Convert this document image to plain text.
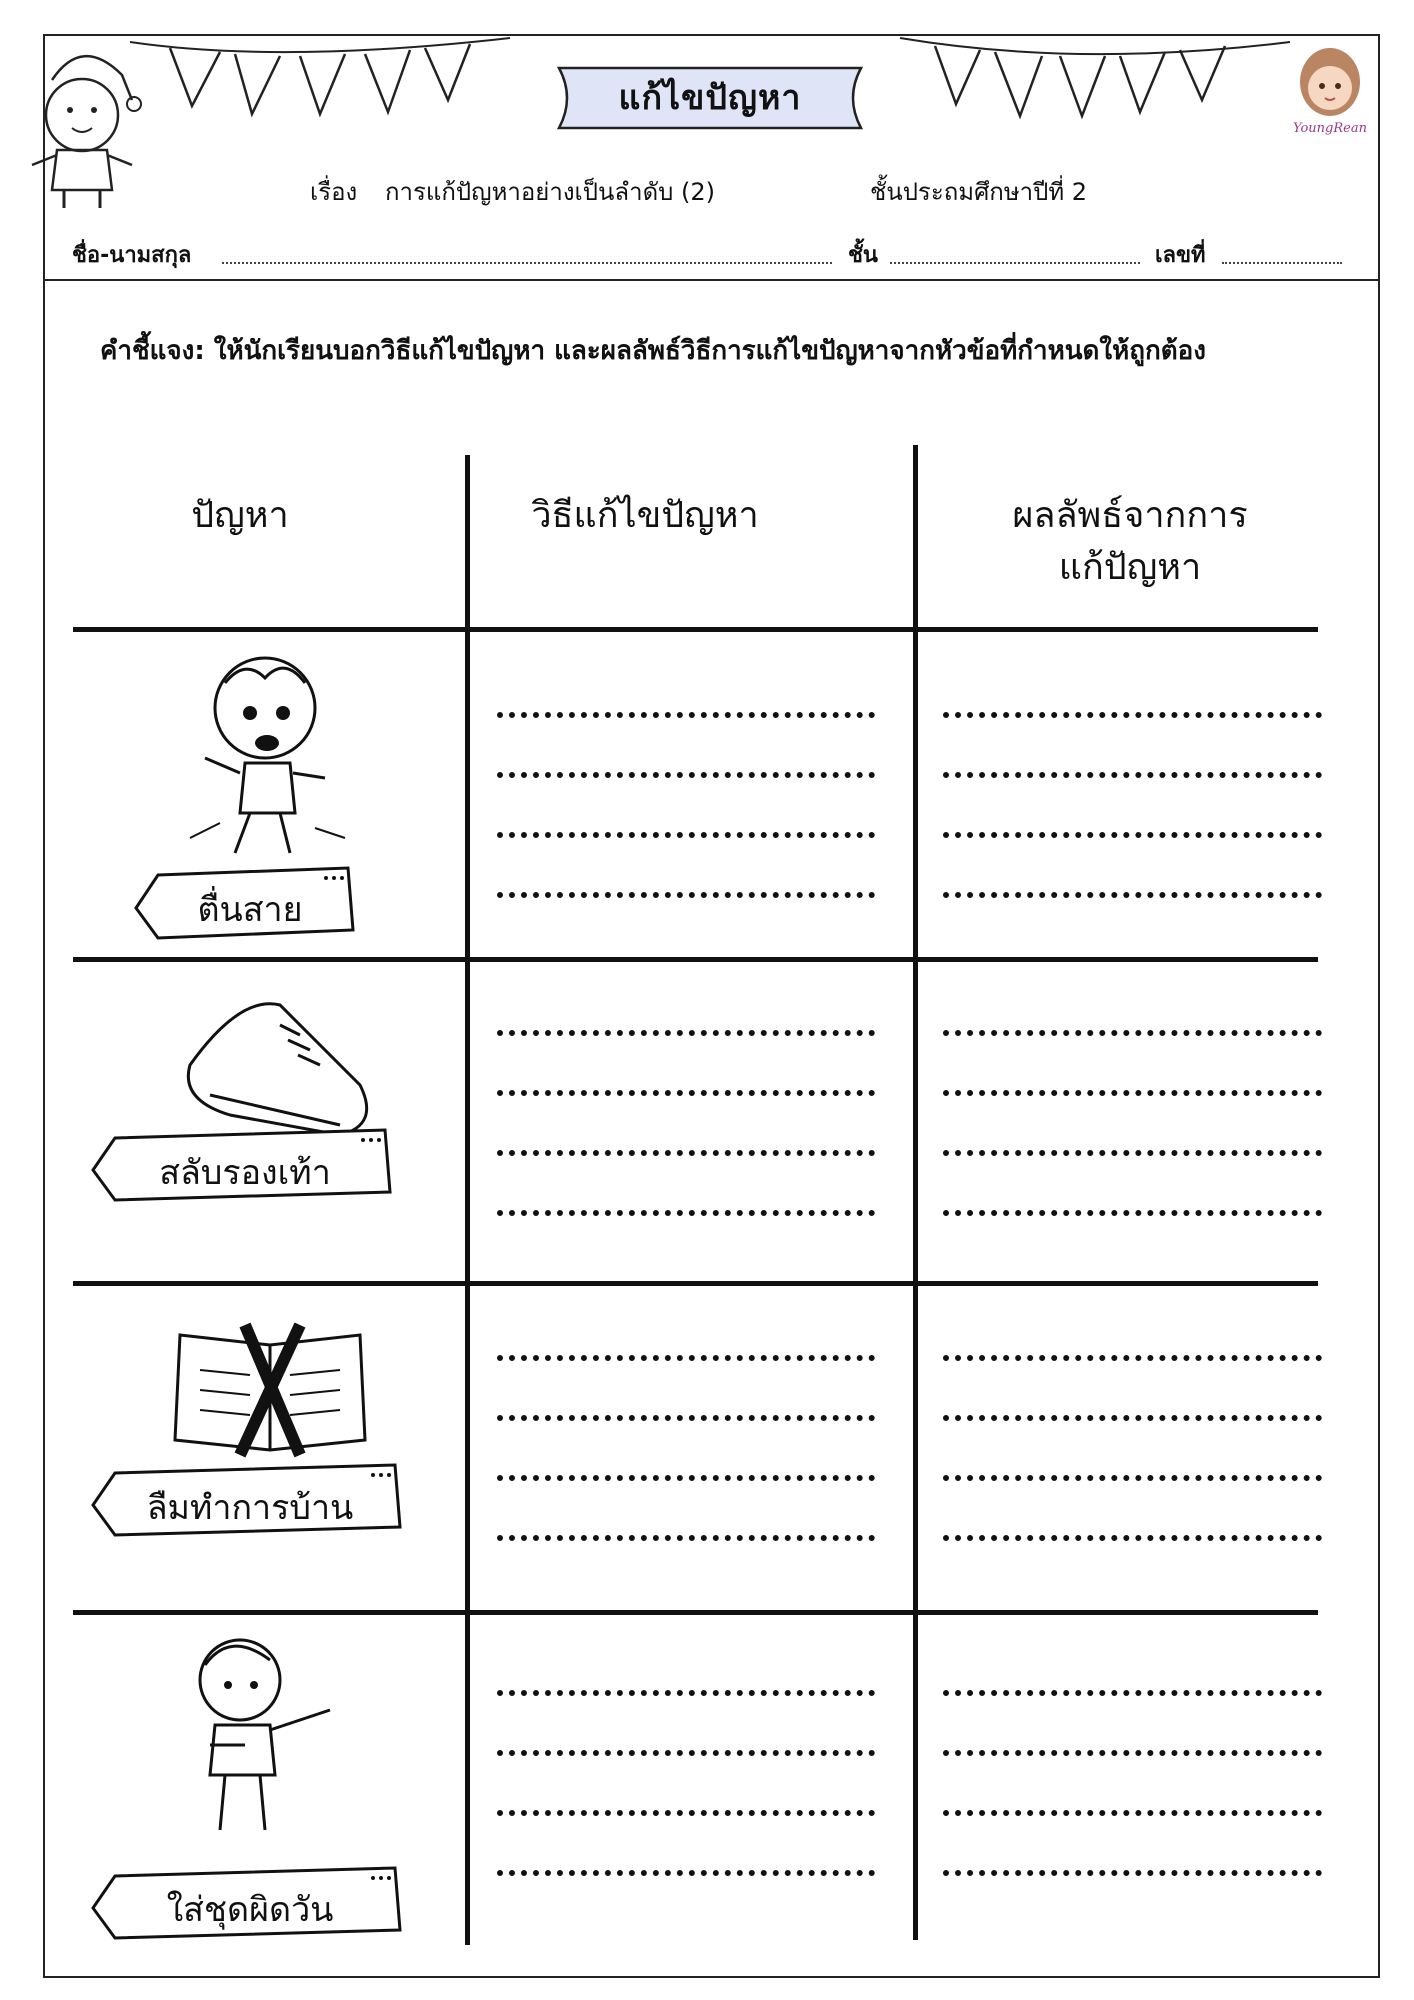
YoungRean
แก้ไขปัญหา
เรื่อง การแก้ปัญหาอย่างเป็นลำดับ (2)	ชั้นประถมศึกษาปีที่ 2
ชื่อ-นามสกุล	ชั้น	เลขที่
คำชี้แจง: ให้นักเรียนบอกวิธีแก้ไขปัญหา และผลลัพธ์วิธีการแก้ไขปัญหาจากหัวข้อที่กำหนดให้ถูกต้อง
ปัญหา	วิธีแก้ไขปัญหา	ผลลัพธ์จากการ
แก้ปัญหา
ตื่นสาย
สลับรองเท้า
ลืมทำการบ้าน
ใส่ชุดผิดวัน
